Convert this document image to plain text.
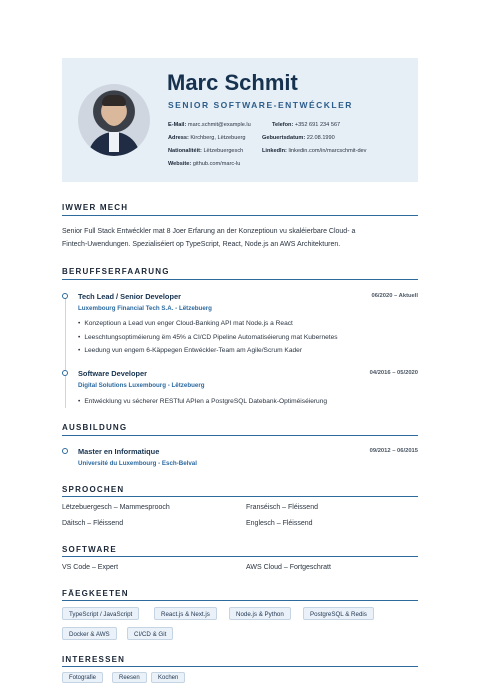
Marc Schmit
SENIOR SOFTWARE-ENTWÉCKLER
E-Mail: marc.schmit@example.lu	Telefon: +352 691 234 567
Adress: Kirchberg, Lëtzebuerg	Gebuertsdatum: 22.08.1990
Nationalitéit: Lëtzebuergesch	LinkedIn: linkedin.com/in/marcschmit-dev
Website: github.com/marc-lu
IWWER MECH
Senior Full Stack Entwéckler mat 8 Joer Erfarung an der Konzeptioun vu skaléierbare Cloud- a
Fintech-Uwendungen. Spezialiséiert op TypeScript, React, Node.js an AWS Architekturen.
BERUFFSERFAARUNG
Tech Lead / Senior Developer	06/2020 – Aktuell
Luxembourg Financial Tech S.A. - Lëtzebuerg
• Konzeptioun a Lead vun enger Cloud-Banking API mat Node.js a React
• Leeschtungsoptiméierung ëm 45% a CI/CD Pipeline Automatiséierung mat Kubernetes
• Leedung vun engem 6-Käppegen Entwéckler-Team am Agile/Scrum Kader
Software Developer	04/2016 – 05/2020
Digital Solutions Luxembourg - Lëtzebuerg
• Entwécklung vu sécherer RESTful APIen a PostgreSQL Datebank-Optiméiséierung
AUSBILDUNG
Master en Informatique	09/2012 – 06/2015
Université du Luxembourg - Esch-Belval
SPROOCHEN
Lëtzebuergesch – Mammesprooch	Franséisch – Fléissend
Däitsch – Fléissend	Englesch – Fléissend
SOFTWARE
VS Code – Expert	AWS Cloud – Fortgeschratt
FÄEGKEETEN
TypeScript / JavaScript	React.js & Next.js	Node.js & Python	PostgreSQL & Redis
Docker & AWS	CI/CD & Git
INTERESSEN
Fotografie	Reesen	Kochen
